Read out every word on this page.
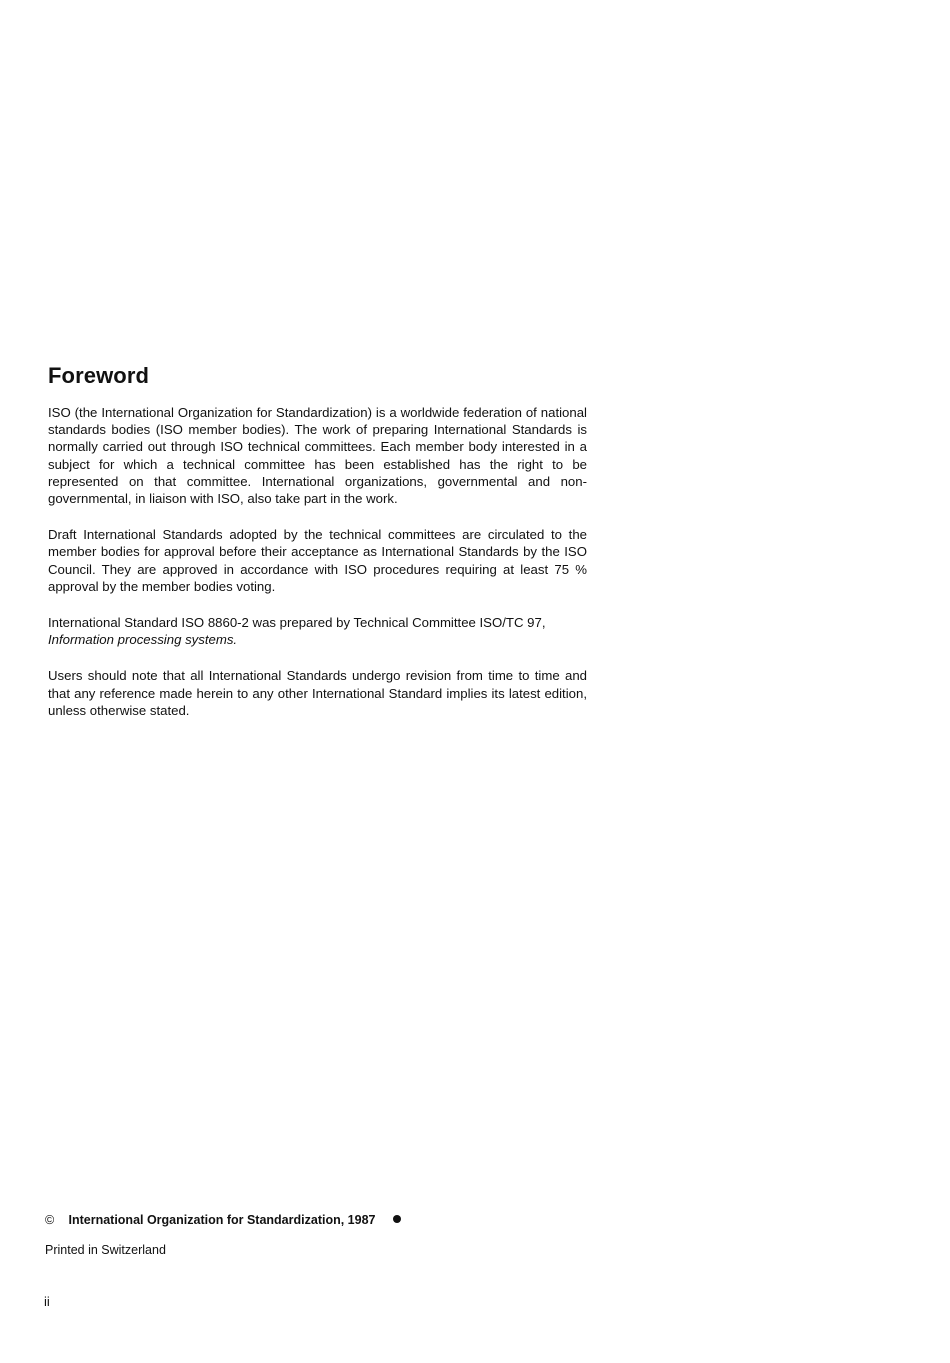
Foreword

ISO (the International Organization for Standardization) is a worldwide federation of national standards bodies (ISO member bodies). The work of preparing International Standards is normally carried out through ISO technical committees. Each member body interested in a subject for which a technical committee has been established has the right to be represented on that committee. International organizations, governmental and non-governmental, in liaison with ISO, also take part in the work.

Draft International Standards adopted by the technical committees are circulated to the member bodies for approval before their acceptance as International Standards by the ISO Council. They are approved in accordance with ISO procedures requiring at least 75 % approval by the member bodies voting.

International Standard ISO 8860-2 was prepared by Technical Committee ISO/TC 97,
Information processing systems.

Users should note that all International Standards undergo revision from time to time and that any reference made herein to any other International Standard implies its latest edition, unless otherwise stated.

© International Organization for Standardization, 1987
Printed in Switzerland
ii
